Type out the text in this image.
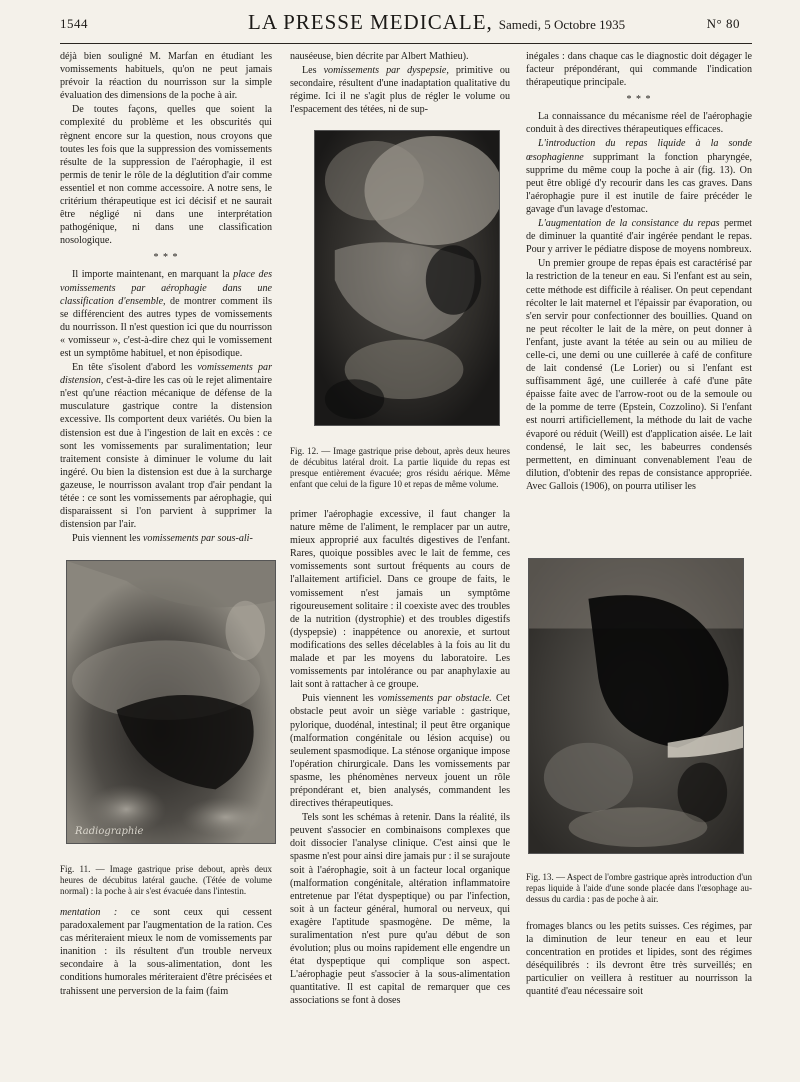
1544	LA PRESSE MEDICALE, Samedi, 5 Octobre 1935	N° 80

déjà bien souligné M. Marfan en étudiant les vomissements habituels, qu'on ne peut jamais prévoir la réaction du nourrisson sur la simple évaluation des dimensions de la poche à air.

De toutes façons, quelles que soient la complexité du problème et les obscurités qui règnent encore sur la question, nous croyons que toutes les fois que la suppression des vomissements résulte de la suppression de l'aérophagie, il est permis de tenir le rôle de la déglutition d'air comme essentiel et non comme accessoire. A notre sens, le critérium thérapeutique est ici décisif et ne saurait être négligé ni dans une interprétation pathogénique, ni dans une classification nosologique.

* * *

Il importe maintenant, en marquant la place des vomissements par aérophagie dans une classification d'ensemble, de montrer comment ils se différencient des autres types de vomissements du nourrisson. Il n'est question ici que du nourrisson « vomisseur », c'est-à-dire chez qui le vomissement est un symptôme habituel, et non épisodique.

En tête s'isolent d'abord les vomissements par distension, c'est-à-dire les cas où le rejet alimentaire n'est qu'une réaction mécanique de défense de la musculature gastrique contre la distension excessive. Ils comportent deux variétés. Ou bien la distension est due à l'ingestion de lait en excès : ce sont les vomissements par suralimentation; leur traitement consiste à diminuer le volume du lait ingéré. Ou bien la distension est due à la surcharge gazeuse, le nourrisson avalant trop d'air pendant la tétée : ce sont les vomissements par aérophagie, qui disparaissent si l'on parvient à supprimer la distension par l'air.

Puis viennent les vomissements par sous-ali-

Radiographie

Fig. 11. — Image gastrique prise debout, après deux heures de décubitus latéral gauche. (Tétée de volume normal) : la poche à air s'est évacuée dans l'intestin.

mentation : ce sont ceux qui cessent paradoxalement par l'augmentation de la ration. Ces cas mériteraient mieux le nom de vomissements par inanition : ils résultent d'un trouble nerveux secondaire à la sous-alimentation, dont les conditions humorales mériteraient d'être précisées et trahissent une perversion de la faim (faim

nauséeuse, bien décrite par Albert Mathieu).

Les vomissements par dyspepsie, primitive ou secondaire, résultent d'une inadaptation qualitative du régime. Ici il ne s'agit plus de régler le volume ou l'espacement des tétées, ni de sup-

Fig. 12. — Image gastrique prise debout, après deux heures de décubitus latéral droit. La partie liquide du repas est presque entièrement évacuée; gros résidu aérique. Même enfant que celui de la figure 10 et repas de même volume.

primer l'aérophagie excessive, il faut changer la nature même de l'aliment, le remplacer par un autre, mieux approprié aux facultés digestives de l'enfant. Rares, quoique possibles avec le lait de femme, ces vomissements sont surtout fréquents au cours de l'allaitement artificiel. Dans ce groupe de faits, le vomissement n'est jamais un symptôme rigoureusement solitaire : il coexiste avec des troubles de la nutrition (dystrophie) et des troubles digestifs (dyspepsie) : inappétence ou anorexie, et surtout modifications des selles décelables à la fois au lit du malade et par les moyens du laboratoire. Les vomissements par intolérance ou par anaphylaxie au lait sont à rattacher à ce groupe.

Puis viennent les vomissements par obstacle. Cet obstacle peut avoir un siège variable : gastrique, pylorique, duodénal, intestinal; il peut être organique (malformation congénitale ou lésion acquise) ou seulement spasmodique. La sténose organique impose l'opération chirurgicale. Dans les vomissements par spasme, les phénomènes nerveux jouent un rôle prépondérant et, bien analysés, commandent les directives thérapeutiques.

Tels sont les schémas à retenir. Dans la réalité, ils peuvent s'associer en combinaisons complexes que doit dissocier l'analyse clinique. C'est ainsi que le spasme n'est pour ainsi dire jamais pur : il se surajoute soit à l'aérophagie, soit à un facteur local organique (malformation congénitale, altération inflammatoire entretenue par l'état dyspeptique) ou par l'infection, soit à un facteur général, humoral ou nerveux, qui exagère l'aptitude spasmogène. De même, la suralimentation n'est pure qu'au début de son évolution; plus ou moins rapidement elle engendre un état dyspeptique qui complique son aspect. L'aérophagie peut s'associer à la sous-alimentation quantitative. Il est capital de remarquer que ces associations se font à doses

inégales : dans chaque cas le diagnostic doit dégager le facteur prépondérant, qui commande l'indication thérapeutique principale.

* * *

La connaissance du mécanisme réel de l'aérophagie conduit à des directives thérapeutiques efficaces.

L'introduction du repas liquide à la sonde œsophagienne supprimant la fonction pharyngée, supprime du même coup la poche à air (fig. 13). On peut être obligé d'y recourir dans les cas graves. Dans l'aérophagie pure il est inutile de faire précéder le gavage d'un lavage d'estomac.

L'augmentation de la consistance du repas permet de diminuer la quantité d'air ingérée pendant le repas. Pour y arriver le pédiatre dispose de moyens nombreux.

Un premier groupe de repas épais est caractérisé par la restriction de la teneur en eau. Si l'enfant est au sein, cette méthode est difficile à réaliser. On peut cependant récolter le lait maternel et l'épaissir par évaporation, ou s'en servir pour confectionner des bouillies. Quand on ne peut récolter le lait de la mère, on peut donner à l'enfant, juste avant la tétée au sein ou au milieu de celle-ci, une demi ou une cuillerée à café de confiture de lait condensé (Le Lorier) ou si l'enfant est suffisamment âgé, une cuillerée à café d'une pâte épaisse faite avec de l'arrow-root ou de la semoule ou de la pomme de terre (Epstein, Cozzolino). Si l'enfant est nourri artificiellement, la méthode du lait de vache évaporé ou réduit (Weill) est d'application aisée. Le lait condensé, le lait sec, les babeurres condensés permettent, en diminuant convenablement l'eau de dilution, d'obtenir des repas de consistance appropriée. Avec Gallois (1906), on pourra utiliser les

Fig. 13. — Aspect de l'ombre gastrique après introduction d'un repas liquide à l'aide d'une sonde placée dans l'œsophage au-dessus du cardia : pas de poche à air.

fromages blancs ou les petits suisses. Ces régimes, par la diminution de leur teneur en eau et leur concentration en protides et lipides, sont des régimes déséquilibrés : ils devront être très surveillés; en particulier on veillera à restituer au nourrisson la quantité d'eau nécessaire soit
